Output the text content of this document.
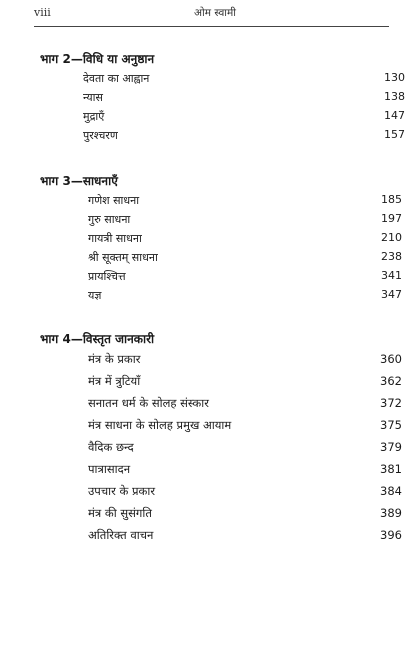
viii	ओम स्वामी
भाग 2—विधि या अनुष्ठान
देवता का आह्वान	130
न्यास	138
मुद्राएँ	147
पुरश्चरण	157
भाग 3—साधनाएँ
गणेश साधना	185
गुरु साधना	197
गायत्री साधना	210
श्री सूक्तम् साधना	238
प्रायश्चित्त	341
यज्ञ	347
भाग 4—विस्तृत जानकारी
मंत्र के प्रकार	360
मंत्र में त्रुटियाँ	362
सनातन धर्म के सोलह संस्कार	372
मंत्र साधना के सोलह प्रमुख आयाम	375
वैदिक छन्द	379
पात्रासादन	381
उपचार के प्रकार	384
मंत्र की सुसंगति	389
अतिरिक्त वाचन	396
